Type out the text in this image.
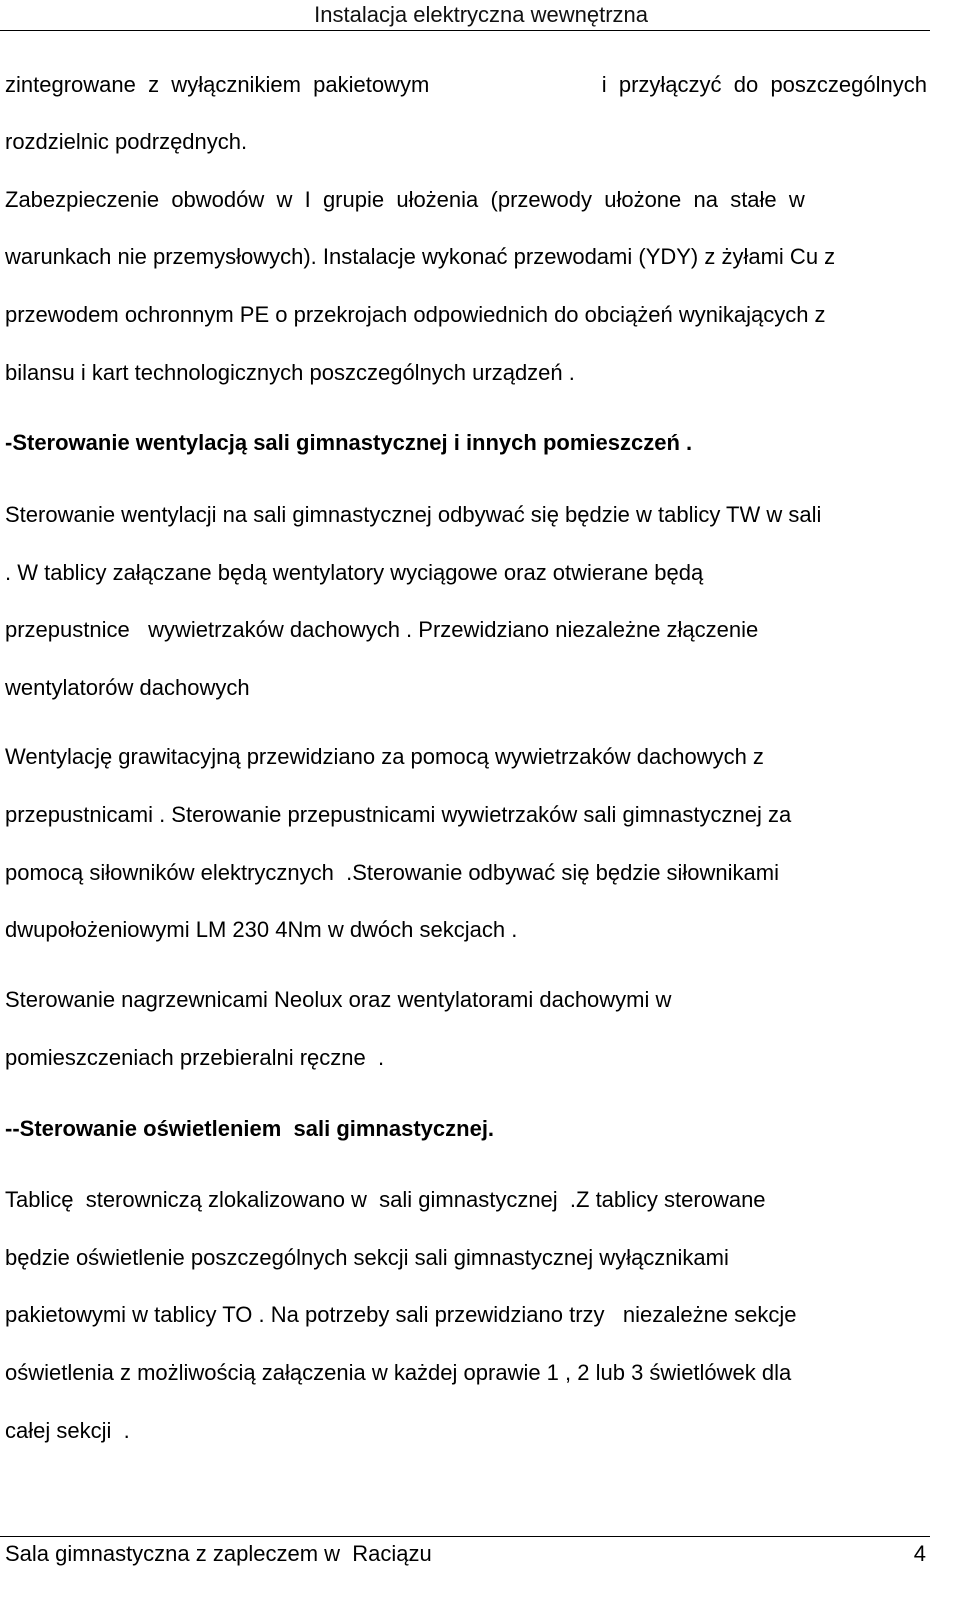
Instalacja elektryczna wewnętrzna
zintegrowane  z  wyłącznikiem  pakietowym	i  przyłączyć  do  poszczególnych
rozdzielnic podrzędnych.
Zabezpieczenie  obwodów  w  I  grupie  ułożenia  (przewody  ułożone  na  stałe  w
warunkach nie przemysłowych). Instalacje wykonać przewodami (YDY) z żyłami Cu z
przewodem ochronnym PE o przekrojach odpowiednich do obciążeń wynikających z
bilansu i kart technologicznych poszczególnych urządzeń .
-Sterowanie wentylacją sali gimnastycznej i innych pomieszczeń .
Sterowanie wentylacji na sali gimnastycznej odbywać się będzie w tablicy TW w sali
. W tablicy załączane będą wentylatory wyciągowe oraz otwierane będą
przepustnice   wywietrzaków dachowych . Przewidziano niezależne złączenie
wentylatorów dachowych
Wentylację grawitacyjną przewidziano za pomocą wywietrzaków dachowych z
przepustnicami . Sterowanie przepustnicami wywietrzaków sali gimnastycznej za
pomocą siłowników elektrycznych  .Sterowanie odbywać się będzie siłownikami
dwupołożeniowymi LM 230 4Nm w dwóch sekcjach .
Sterowanie nagrzewnicami Neolux oraz wentylatorami dachowymi w
pomieszczeniach przebieralni ręczne  .
--Sterowanie oświetleniem  sali gimnastycznej.
Tablicę  sterowniczą zlokalizowano w  sali gimnastycznej  .Z tablicy sterowane
będzie oświetlenie poszczególnych sekcji sali gimnastycznej wyłącznikami
pakietowymi w tablicy TO . Na potrzeby sali przewidziano trzy   niezależne sekcje
oświetlenia z możliwością załączenia w każdej oprawie 1 , 2 lub 3 świetlówek dla
całej sekcji  .
Sala gimnastyczna z zapleczem w  Raciązu	4
